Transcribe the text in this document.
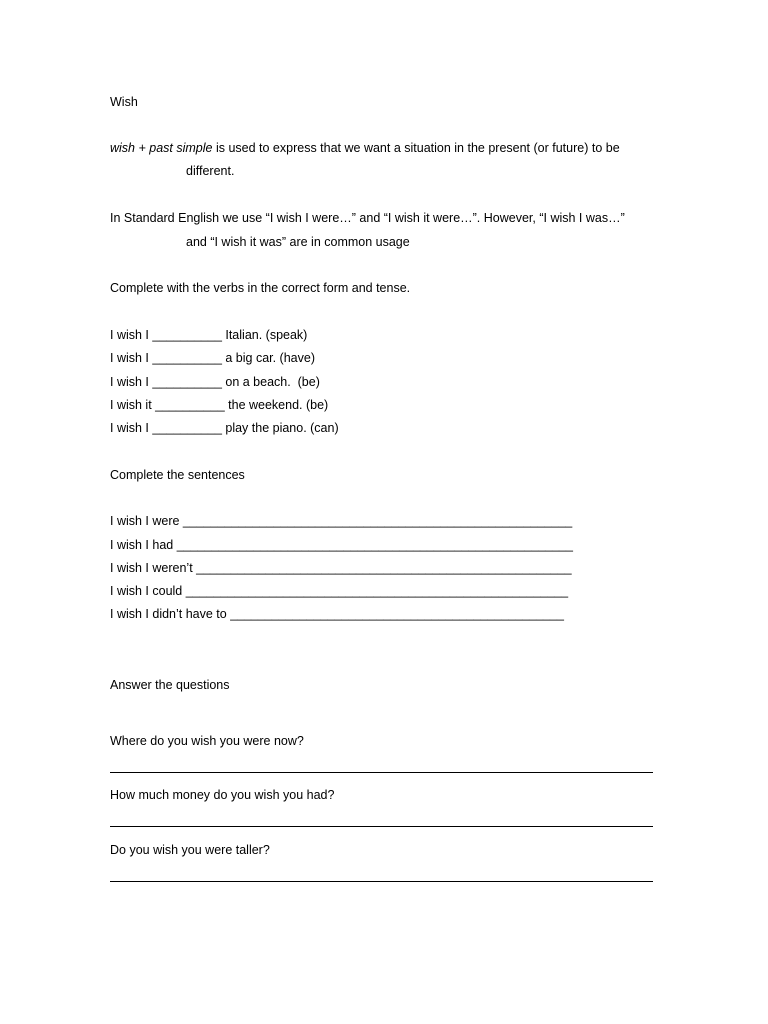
Wish
wish + past simple is used to express that we want a situation in the present (or future) to be
different.
In Standard English we use “I wish I were…” and “I wish it were…”. However, “I wish I was…”
and “I wish it was” are in common usage
Complete with the verbs in the correct form and tense.
I wish I __________ Italian. (speak)
I wish I __________ a big car. (have)
I wish I __________ on a beach.  (be)
I wish it __________ the weekend. (be)
I wish I __________ play the piano. (can)
Complete the sentences
I wish I were ________________________________________________________
I wish I had _________________________________________________________
I wish I weren’t ______________________________________________________
I wish I could _______________________________________________________
I wish I didn’t have to ________________________________________________
Answer the questions
Where do you wish you were now?
How much money do you wish you had?
Do you wish you were taller?
